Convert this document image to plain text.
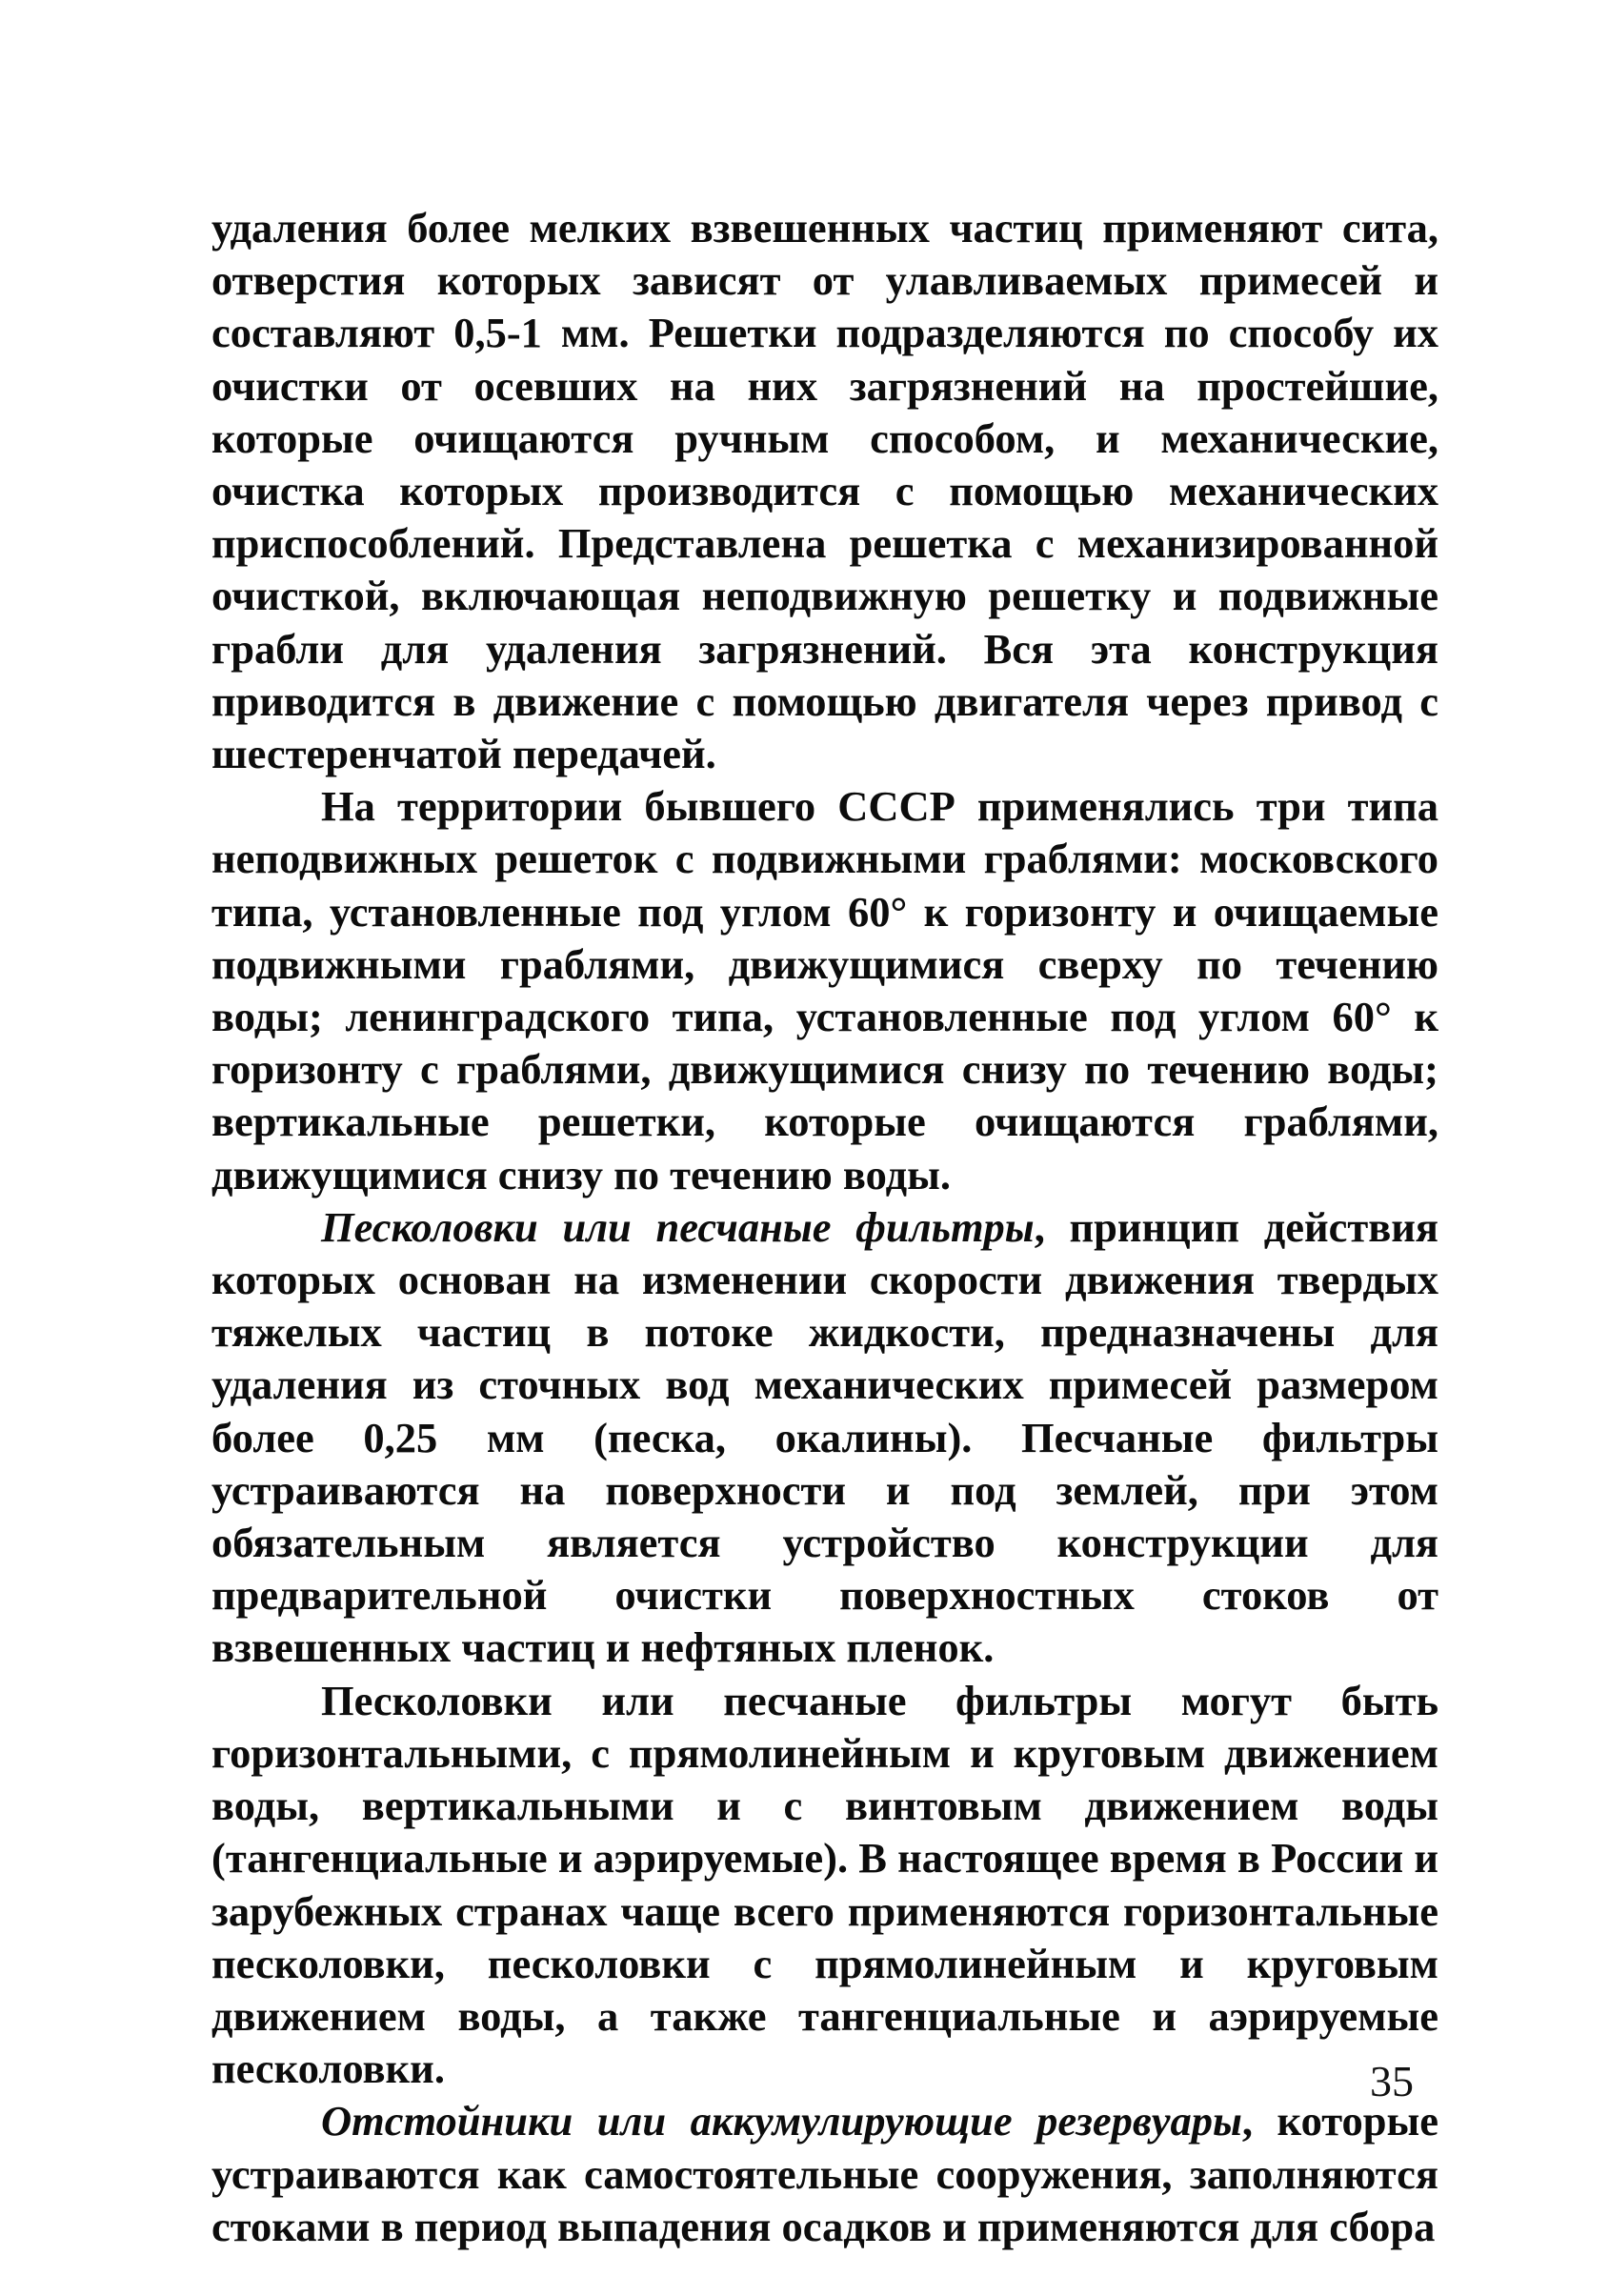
удаления более мелких взвешенных частиц применяют сита, отверстия которых зависят от улавливаемых примесей и составляют 0,5-1 мм. Решетки подразделяются по способу их очистки от осевших на них загрязнений на простейшие, которые очищаются ручным способом, и механические, очистка которых производится с помощью механических приспособлений. Представлена решетка с механизированной очисткой, включающая неподвижную решетку и подвижные грабли для удаления загрязнений. Вся эта конструкция приводится в движение с помощью двигателя через привод с шестеренчатой передачей.

На территории бывшего СССР применялись три типа неподвижных решеток с подвижными граблями: московского типа, установленные под углом 60° к горизонту и очищаемые подвижными граблями, движущимися сверху по течению воды; ленинградского типа, установленные под углом 60° к горизонту с граблями, движущимися снизу по течению воды; вертикальные решетки, которые очищаются граблями, движущимися снизу по течению воды.

Песколовки или песчаные фильтры, принцип действия которых основан на изменении скорости движения твердых тяжелых частиц в потоке жидкости, предназначены для удаления из сточных вод механических примесей размером более 0,25 мм (песка, окалины). Песчаные фильтры устраиваются на поверхности и под землей, при этом обязательным является устройство конструкции для предварительной очистки поверхностных стоков от взвешенных частиц и нефтяных пленок.

Песколовки или песчаные фильтры могут быть горизонтальными, с прямолинейным и круговым движением воды, вертикальными и с винтовым движением воды (тангенциальные и аэрируемые). В настоящее время в России и зарубежных странах чаще всего применяются горизонтальные песколовки, песколовки с прямолинейным и круговым движением воды, а также тангенциальные и аэрируемые песколовки.

Отстойники или аккумулирующие резервуары, которые устраиваются как самостоятельные сооружения, заполняются стоками в период выпадения осадков и применяются для сбора

35
